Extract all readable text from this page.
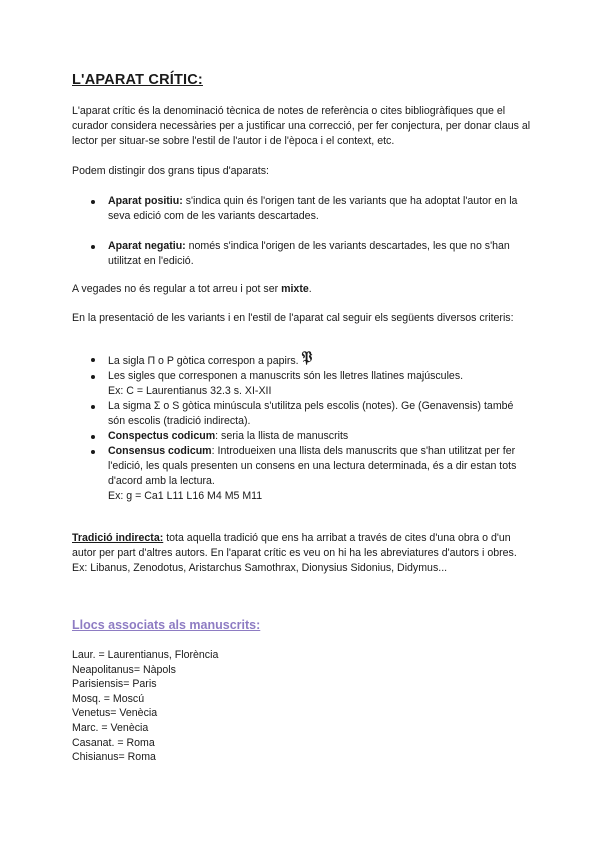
L'APARAT CRÍTIC:

L'aparat crític és la denominació tècnica de notes de referència o cites bibliogràfiques que el curador considera necessàries per a justificar una correcció, per fer conjectura, per donar claus al lector per situar-se sobre l'estil de l'autor i de l'època i el context, etc.

Podem distingir dos grans tipus d'aparats:

Aparat positiu: s'indica quin és l'origen tant de les variants que ha adoptat l'autor en la seva edició com de les variants descartades.
Aparat negatiu: només s'indica l'origen de les variants descartades, les que no s'han utilitzat en l'edició.

A vegades no és regular a tot arreu i pot ser mixte.

En la presentació de les variants i en l'estil de l'aparat cal seguir els següents diversos criteris:

La sigla Π o P gòtica correspon a papirs. 𝔓
Les sigles que corresponen a manuscrits són les lletres llatines majúscules.
Ex: C = Laurentianus 32.3 s. XI-XII
La sigma Σ o S gòtica minúscula s'utilitza pels escolis (notes). Ge (Genavensis) també són escolis (tradició indirecta).
Conspectus codicum: seria la llista de manuscrits
Consensus codicum: Introdueixen una llista dels manuscrits que s'han utilitzat per fer l'edició, les quals presenten un consens en una lectura determinada, és a dir estan tots d'acord amb la lectura.
Ex: g = Ca1 L11 L16 M4 M5 M11

Tradició indirecta: tota aquella tradició que ens ha arribat a través de cites d'una obra o d'un autor per part d'altres autors. En l'aparat crític es veu on hi ha les abreviatures d'autors i obres. Ex: Libanus, Zenodotus, Aristarchus Samothrax, Dionysius Sidonius, Didymus...

Llocs associats als manuscrits:
Laur. = Laurentianus, Florència
Neapolitanus= Nàpols
Parisiensis= Paris
Mosq. = Moscú
Venetus= Venècia
Marc. = Venècia
Casanat. = Roma
Chisianus= Roma
